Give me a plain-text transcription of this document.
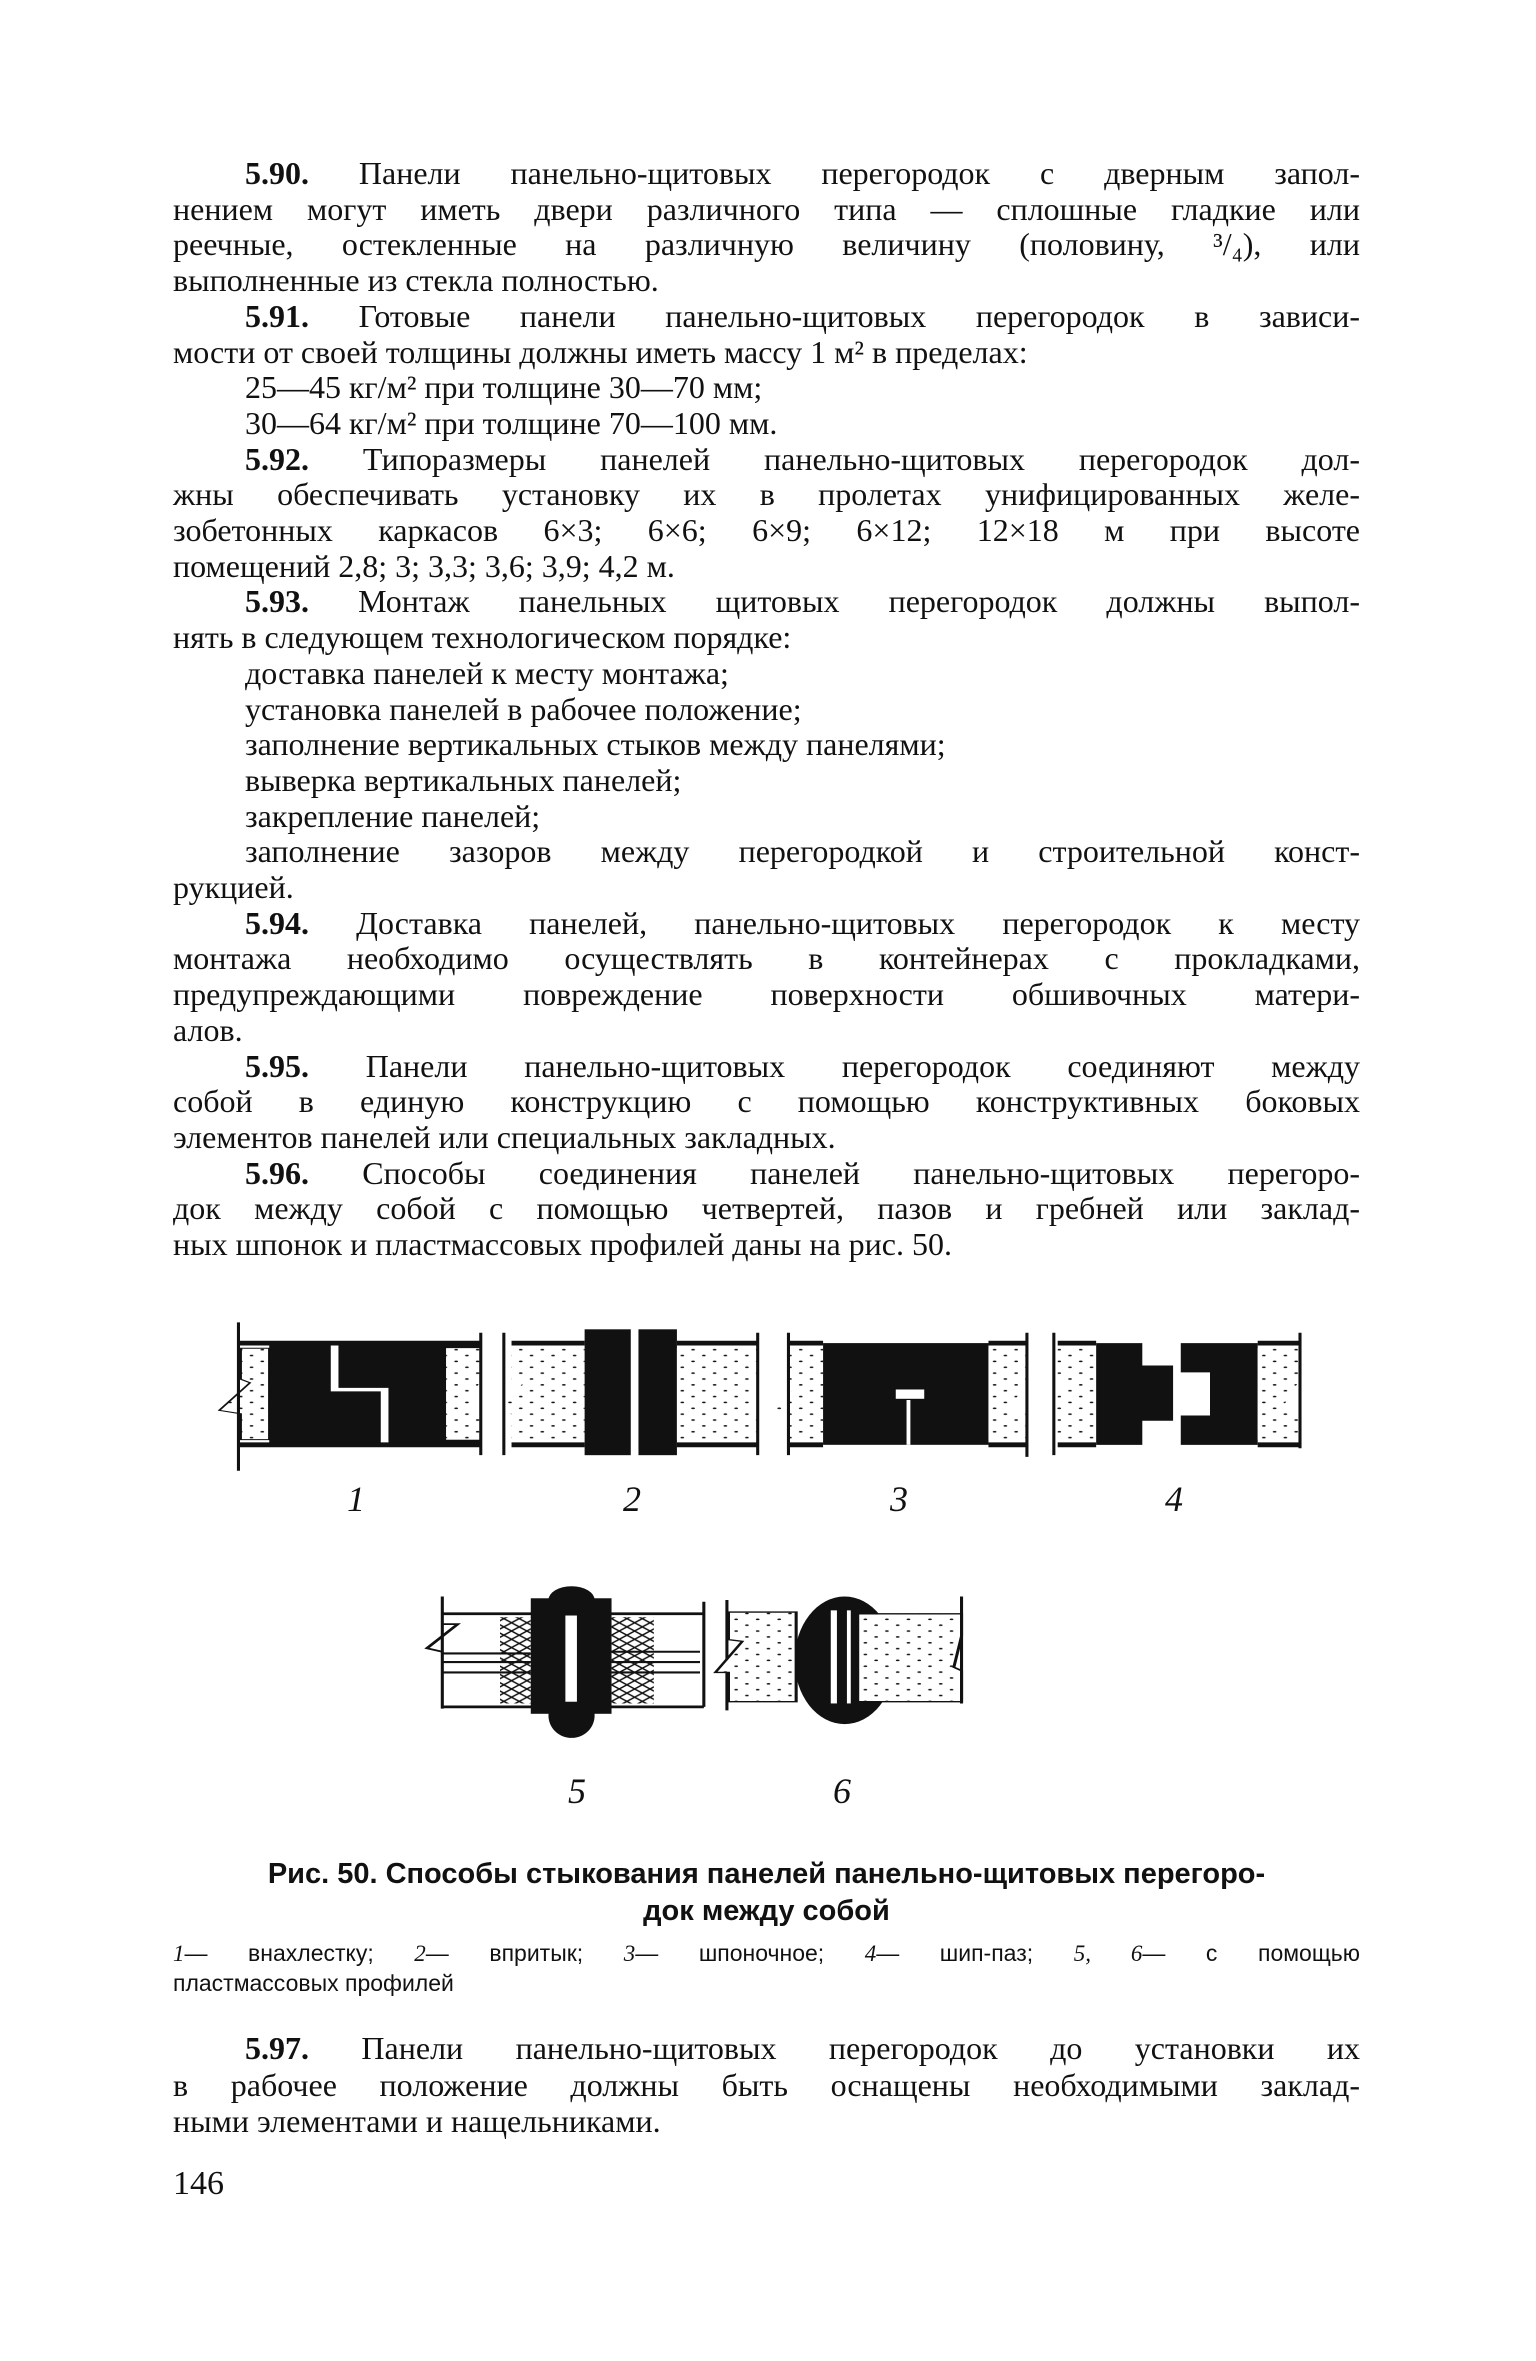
5.90. Панели панельно-щитовых перегородок с дверным запол-
нением могут иметь двери различного типа — сплошные гладкие или
реечные, остекленные на различную величину (половину, ³/₄), или
выполненные из стекла полностью.
5.91. Готовые панели панельно-щитовых перегородок в зависи-
мости от своей толщины должны иметь массу 1 м² в пределах:
25—45 кг/м² при толщине 30—70 мм;
30—64 кг/м² при толщине 70—100 мм.
5.92. Типоразмеры панелей панельно-щитовых перегородок дол-
жны обеспечивать установку их в пролетах унифицированных желе-
зобетонных каркасов 6×3; 6×6; 6×9; 6×12; 12×18 м при высоте
помещений 2,8; 3; 3,3; 3,6; 3,9; 4,2 м.
5.93. Монтаж панельных щитовых перегородок должны выпол-
нять в следующем технологическом порядке:
доставка панелей к месту монтажа;
установка панелей в рабочее положение;
заполнение вертикальных стыков между панелями;
выверка вертикальных панелей;
закрепление панелей;
заполнение зазоров между перегородкой и строительной конст-
рукцией.
5.94. Доставка панелей, панельно-щитовых перегородок к месту
монтажа необходимо осуществлять в контейнерах с прокладками,
предупреждающими повреждение поверхности обшивочных матери-
алов.
5.95. Панели панельно-щитовых перегородок соединяют между
собой в единую конструкцию с помощью конструктивных боковых
элементов панелей или специальных закладных.
5.96. Способы соединения панелей панельно-щитовых перегоро-
док между собой с помощью четвертей, пазов и гребней или заклад-
ных шпонок и пластмассовых профилей даны на рис. 50.
1	2	3	4
5	6
Рис. 50. Способы стыкования панелей панельно-щитовых перегоро-
док между собой
1— внахлестку; 2— впритык; 3— шпоночное; 4— шип-паз; 5, 6— с помощью
пластмассовых профилей
5.97. Панели панельно-щитовых перегородок до установки их
в рабочее положение должны быть оснащены необходимыми заклад-
ными элементами и нащельниками.
146
